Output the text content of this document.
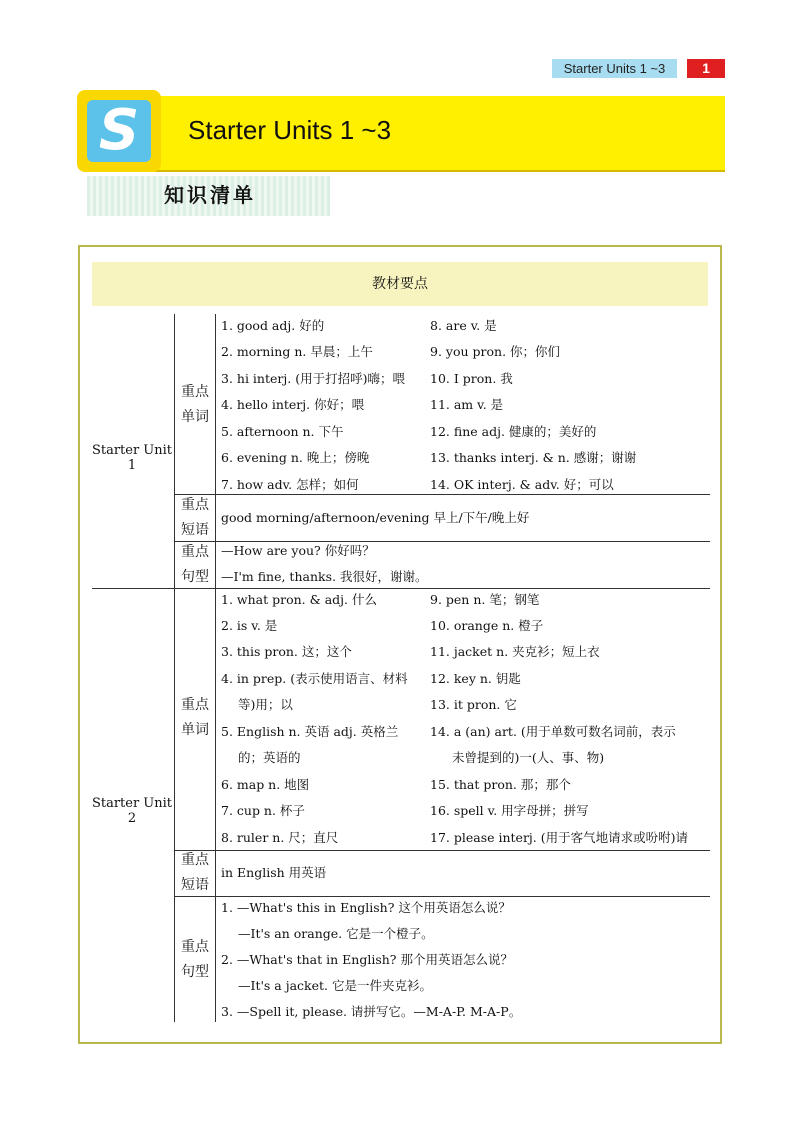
Starter Units 1 ~3	1
S	Starter Units 1 ~3
知识清单
教材要点
Starter Unit 1
重点
单词
重点
短语
重点
句型
1. good adj. 好的
2. morning n. 早晨；上午
3. hi interj. (用于打招呼)嗨；喂
4. hello interj. 你好；喂
5. afternoon n. 下午
6. evening n. 晚上；傍晚
7. how adv. 怎样；如何
8. are v. 是
9. you pron. 你；你们
10. I pron. 我
11. am v. 是
12. fine adj. 健康的；美好的
13. thanks interj. & n. 感谢；谢谢
14. OK interj. & adv. 好；可以
good morning/afternoon/evening 早上/下午/晚上好
—How are you? 你好吗？
—I'm fine, thanks. 我很好，谢谢。
Starter Unit 2
重点
单词
重点
短语
重点
句型
1. what pron. & adj. 什么
2. is v. 是
3. this pron. 这；这个
4. in prep. (表示使用语言、材料
等)用；以
5. English n. 英语 adj. 英格兰
的；英语的
6. map n. 地图
7. cup n. 杯子
8. ruler n. 尺；直尺
9. pen n. 笔；钢笔
10. orange n. 橙子
11. jacket n. 夹克衫；短上衣
12. key n. 钥匙
13. it pron. 它
14. a (an) art. (用于单数可数名词前，表示
未曾提到的)一(人、事、物)
15. that pron. 那；那个
16. spell v. 用字母拼；拼写
17. please interj. (用于客气地请求或吩咐)请
in English 用英语
1. —What's this in English? 这个用英语怎么说？
—It's an orange. 它是一个橙子。
2. —What's that in English? 那个用英语怎么说？
—It's a jacket. 它是一件夹克衫。
3. —Spell it, please. 请拼写它。—M-A-P. M-A-P。
